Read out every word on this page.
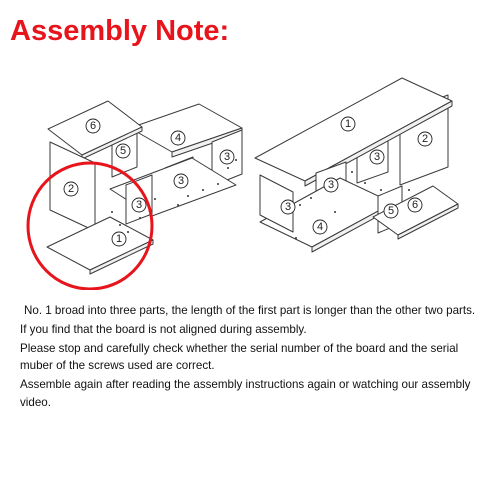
Assembly Note:
6
5
4
3
3
3
2
1
1
2
3
3
3
4
5 6

No. 1 broad into three parts, the length of the first part is longer than the other two parts.

If you find that the board is not aligned during assembly.

Please stop and carefully check whether the serial number of the board and the serial

muber of the screws used are correct.

Assemble again after reading the assembly instructions again or watching our assembly

video.
